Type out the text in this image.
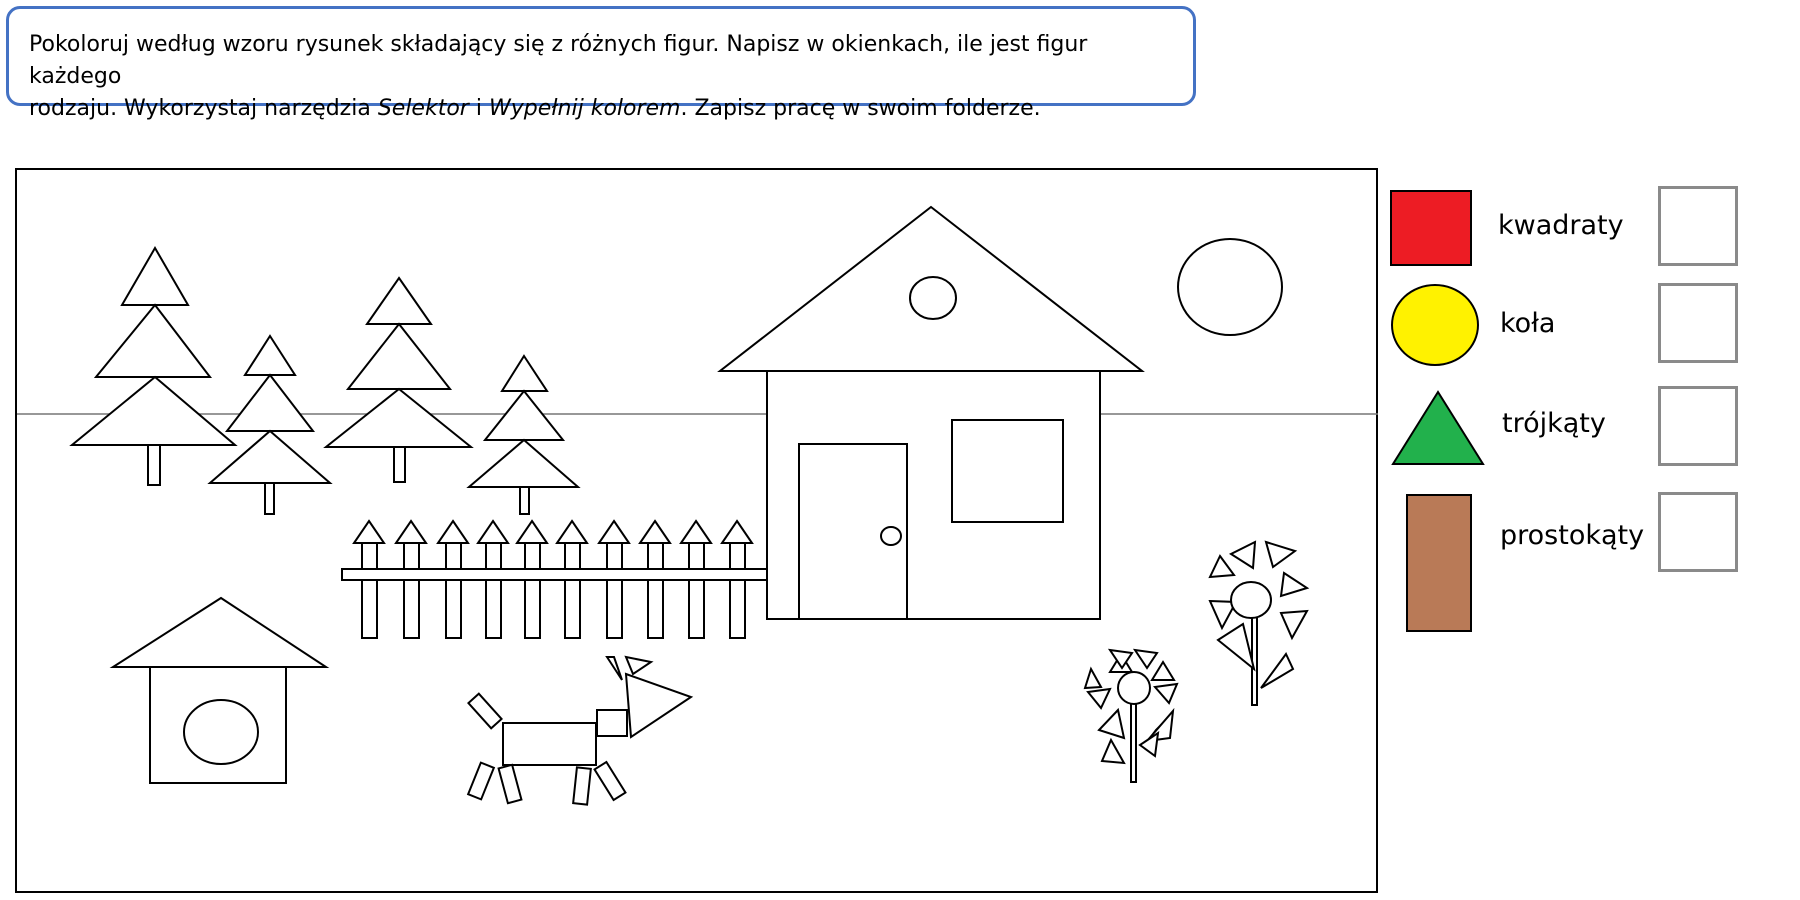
Pokoloruj według wzoru rysunek składający się z różnych figur. Napisz w okienkach, ile jest figur każdego
rodzaju. Wykorzystaj narzędzia Selektor i Wypełnij kolorem. Zapisz pracę w swoim folderze.
kwadraty
koła
trójkąty
prostokąty
